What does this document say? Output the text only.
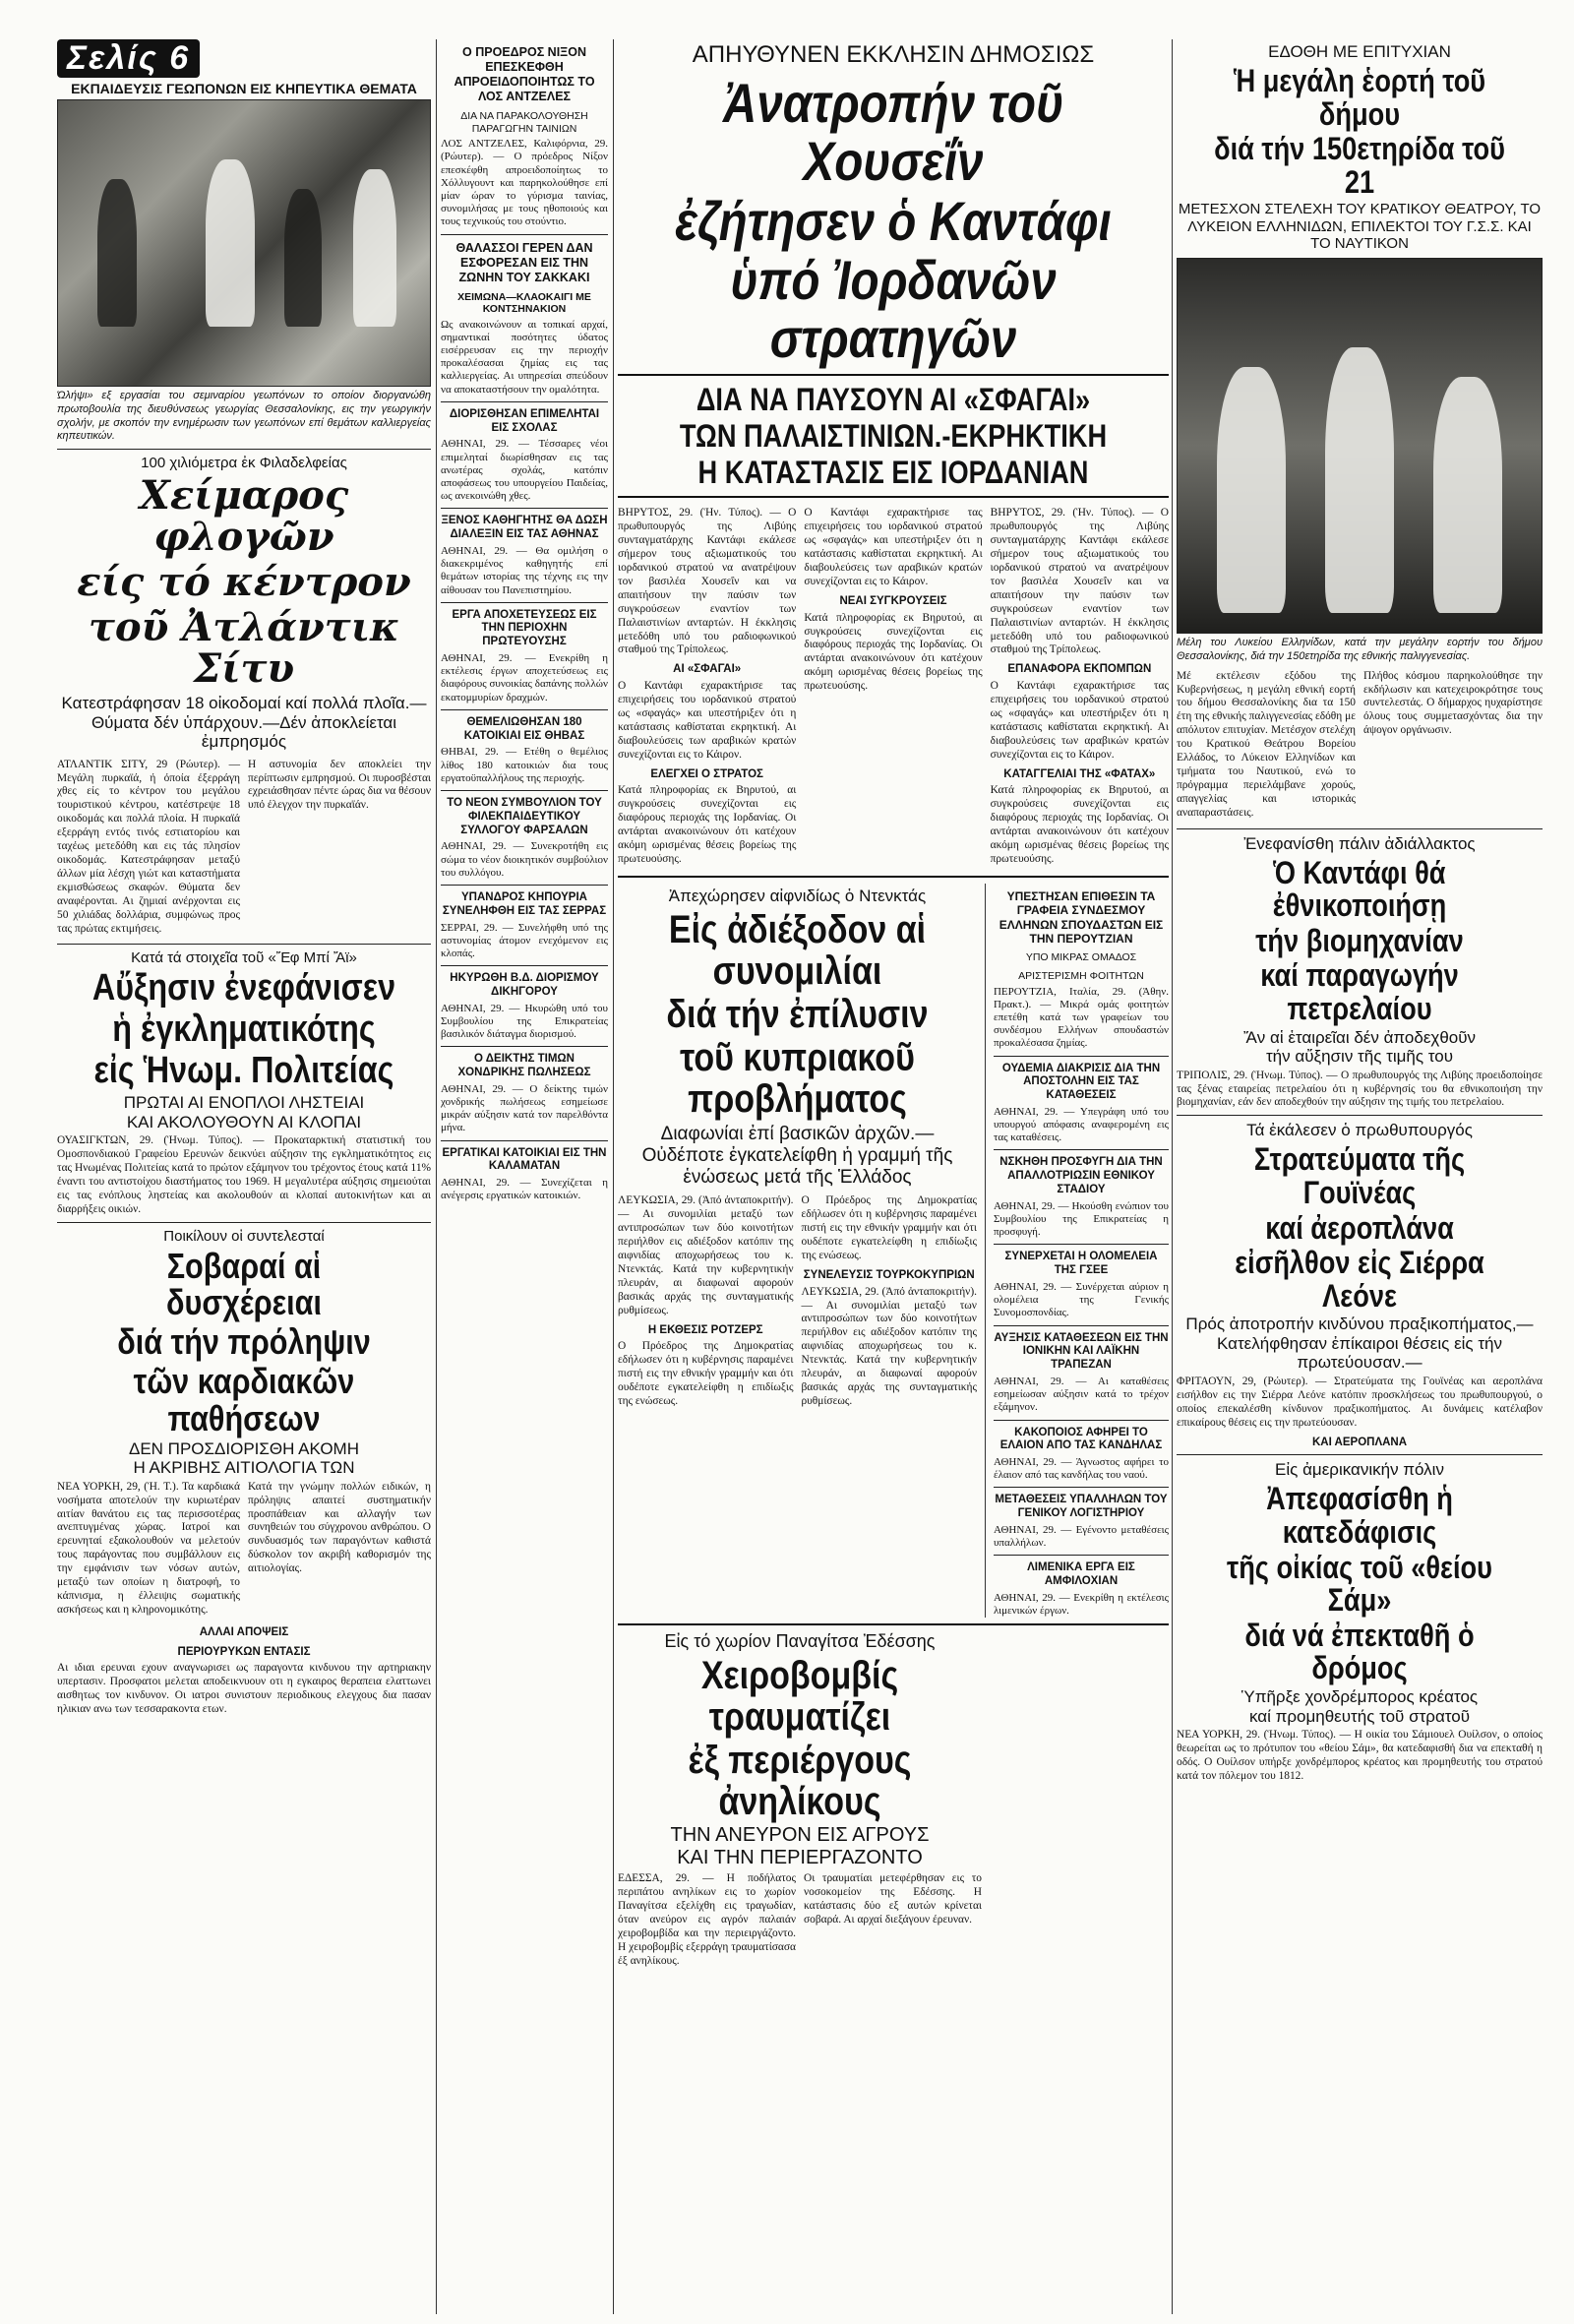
Σελίς 6
ΕΚΠΑΙΔΕΥΣΙΣ ΓΕΩΠΟΝΩΝ ΕΙΣ ΚΗΠΕΥΤΙΚΑ ΘΕΜΑΤΑ
Ώλήψι» εξ εργασίαι του σεμιναρίου γεωπόνων το οποίον διοργανώθη πρωτοβουλία της διευθύνσεως γεωργίας Θεσσαλονίκης, εις την γεωργικήν σχολήν, με σκοπόν την ενημέρωσιν των γεωπόνων επί θεμάτων καλλιεργείας κηπευτικών.
100 χιλιόμετρα ἐκ Φιλαδελφείας
Χείμαρος φλογῶν
είς τό κέντρον
τοῦ Ἀτλάντικ Σίτυ
Κατεστράφησαν 18 οἰκοδομαί καί πολλά πλοῖα.— Θύματα δέν ὑπάρχουν.—Δέν ἀποκλείεται ἐμπρησμός
ΑΤΛΑΝΤΙΚ ΣΙΤΥ, 29 (Ρώυτερ). — Μεγάλη πυρκαϊά, ή όποία έξερράγη χθες είς το κέντρον του μεγάλου τουριστικού κέντρου, κατέστρεψε 18 οικοδομάς και πολλά πλοία. Η πυρκαϊά εξερράγη εντός τινός εστιατορίου και ταχέως μετεδόθη και εις τάς πλησίον οικοδομάς. Κατεστράφησαν μεταξύ άλλων μία λέσχη γιώτ και καταστήματα εκμισθώσεως σκαφών. Θύματα δεν αναφέρονται. Αι ζημιαί ανέρχονται εις 50 χιλιάδας δολλάρια, συμφώνως προς τας πρώτας εκτιμήσεις.
Η αστυνομία δεν αποκλείει την περίπτωσιν εμπρησμού. Οι πυροσβέσται εχρειάσθησαν πέντε ώρας δια να θέσουν υπό έλεγχον την πυρκαϊάν.
Κατά τά στοιχεῖα τοῦ «Ἔφ Μπί Ἄϊ»
Αὔξησιν ἐνεφάνισεν
ἡ ἐγκληματικότης
εἰς Ἡνωμ. Πολιτείας
ΠΡΩΤΑΙ ΑΙ ΕΝΟΠΛΟΙ ΛΗΣΤΕΙΑΙ
ΚΑΙ ΑΚΟΛΟΥΘΟΥΝ ΑΙ ΚΛΟΠΑΙ
ΟΥΑΣΙΓΚΤΩΝ, 29. (Ἡνωμ. Τύπος). — Προκαταρκτική στατιστική του Ομοσπονδιακού Γραφείου Ερευνών δεικνύει αύξησιν της εγκληματικότητος εις τας Ηνωμένας Πολιτείας κατά το πρώτον εξάμηνον του τρέχοντος έτους κατά 11% έναντι του αντιστοίχου διαστήματος του 1969. Η μεγαλυτέρα αύξησις σημειούται εις τας ενόπλους ληστείας και ακολουθούν αι κλοπαί αυτοκινήτων και αι διαρρήξεις οικιών.
Ποικίλουν οἱ συντελεσταί
Σοβαραί αἱ δυσχέρειαι
διά τήν πρόληψιν
τῶν καρδιακῶν παθήσεων
ΔΕΝ ΠΡΟΣΔΙΟΡΙΣΘΗ ΑΚΟΜΗ
Η ΑΚΡΙΒΗΣ ΑΙΤΙΟΛΟΓΙΑ ΤΩΝ
ΝΕΑ ΥΟΡΚΗ, 29, (Ἡ. Τ.). Τα καρδιακά νοσήματα αποτελούν την κυριωτέραν αιτίαν θανάτου εις τας περισσοτέρας ανεπτυγμένας χώρας. Ιατροί και ερευνηταί εξακολουθούν να μελετούν τους παράγοντας που συμβάλλουν εις την εμφάνισιν των νόσων αυτών, μεταξύ των οποίων η διατροφή, το κάπνισμα, η έλλειψις σωματικής ασκήσεως και η κληρονομικότης.
Κατά την γνώμην πολλών ειδικών, η πρόληψις απαιτεί συστηματικήν προσπάθειαν και αλλαγήν των συνηθειών του σύγχρονου ανθρώπου. Ο συνδυασμός των παραγόντων καθιστά δύσκολον τον ακριβή καθορισμόν της αιτιολογίας.
ΑΛΛΑΙ ΑΠΟΨΕΙΣ
ΠΕΡΙΟΥΡΥΚΩΝ ΕΝΤΑΣΙΣ
Αι ιδιαι ερευναι εχουν αναγνωρισει ως παραγοντα κινδυνου την αρτηριακην υπερτασιν. Προσφατοι μελεται αποδεικνυουν οτι η εγκαιρος θεραπεια ελαττωνει αισθητως τον κινδυνον. Οι ιατροι συνιστουν περιοδικους ελεγχους δια πασαν ηλικιαν ανω των τεσσαρακοντα ετων.
Ο ΠΡΟΕΔΡΟΣ ΝΙΞΟΝ ΕΠΕΣΚΕΦΘΗ ΑΠΡΟΕΙΔΟΠΟΙΗΤΩΣ ΤΟ ΛΟΣ ΑΝΤΖΕΛΕΣ
ΔΙΑ ΝΑ ΠΑΡΑΚΟΛΟΥΘΗΣΗ ΠΑΡΑΓΩΓΗΝ ΤΑΙΝΙΩΝ
ΛΟΣ ΑΝΤΖΕΛΕΣ, Καλιφόρνια, 29. (Ρώυτερ). — Ο πρόεδρος Νίξον επεσκέφθη απροειδοποίητως το Χόλλυγουντ και παρηκολούθησε επί μίαν ώραν το γύρισμα ταινίας, συνομιλήσας με τους ηθοποιούς και τους τεχνικούς του στούντιο.
ΘΑΛΑΣΣΟΙ ΓΕΡΕΝ ΔΑΝ ΕΣΦΟΡΕΣΑΝ ΕΙΣ ΤΗΝ ΖΩΝΗΝ ΤΟΥ ΣΑΚΚΑΚΙ
ΧΕΙΜΩΝΑ—ΚΛΑΟΚΑΙΓΙ ΜΕ ΚΟΝΤΣΗΝΑΚΙΟΝ
Ως ανακοινώνουν αι τοπικαί αρχαί, σημαντικαί ποσότητες ύδατος εισέρρευσαν εις την περιοχήν προκαλέσασαι ζημίας εις τας καλλιεργείας. Αι υπηρεσίαι σπεύδουν να αποκαταστήσουν την ομαλότητα.
ΔΙΟΡΙΣΘΗΣΑΝ ΕΠΙΜΕΛΗΤΑΙ ΕΙΣ ΣΧΟΛΑΣ
ΑΘΗΝΑΙ, 29. — Τέσσαρες νέοι επιμεληταί διωρίσθησαν εις τας ανωτέρας σχολάς, κατόπιν αποφάσεως του υπουργείου Παιδείας, ως ανεκοινώθη χθες.
ΞΕΝΟΣ ΚΑΘΗΓΗΤΗΣ ΘΑ ΔΩΣΗ ΔΙΑΛΕΞΙΝ ΕΙΣ ΤΑΣ ΑΘΗΝΑΣ
ΑΘΗΝΑΙ, 29. — Θα ομιλήση ο διακεκριμένος καθηγητής επί θεμάτων ιστορίας της τέχνης εις την αίθουσαν του Πανεπιστημίου.
ΕΡΓΑ ΑΠΟΧΕΤΕΥΣΕΩΣ ΕΙΣ ΤΗΝ ΠΕΡΙΟΧΗΝ ΠΡΩΤΕΥΟΥΣΗΣ
ΑΘΗΝΑΙ, 29. — Ενεκρίθη η εκτέλεσις έργων αποχετεύσεως εις διαφόρους συνοικίας δαπάνης πολλών εκατομμυρίων δραχμών.
ΘΕΜΕΛΙΩΘΗΣΑΝ 180 ΚΑΤΟΙΚΙΑΙ ΕΙΣ ΘΗΒΑΣ
ΘΗΒΑΙ, 29. — Ετέθη ο θεμέλιος λίθος 180 κατοικιών δια τους εργατοϋπαλλήλους της περιοχής.
ΤΟ ΝΕΟΝ ΣΥΜΒΟΥΛΙΟΝ ΤΟΥ ΦΙΛΕΚΠΑΙΔΕΥΤΙΚΟΥ ΣΥΛΛΟΓΟΥ ΦΑΡΣΑΛΩΝ
ΑΘΗΝΑΙ, 29. — Συνεκροτήθη εις σώμα το νέον διοικητικόν συμβούλιον του συλλόγου.
ΥΠΑΝΔΡΟΣ ΚΗΠΟΥΡΙΑ ΣΥΝΕΛΗΦΘΗ ΕΙΣ ΤΑΣ ΣΕΡΡΑΣ
ΣΕΡΡΑΙ, 29. — Συνελήφθη υπό της αστυνομίας άτομον ενεχόμενον εις κλοπάς.
ΗΚΥΡΩΘΗ Β.Δ. ΔΙΟΡΙΣΜΟΥ ΔΙΚΗΓΟΡΟΥ
ΑΘΗΝΑΙ, 29. — Ηκυρώθη υπό του Συμβουλίου της Επικρατείας βασιλικόν διάταγμα διορισμού.
Ο ΔΕΙΚΤΗΣ ΤΙΜΩΝ ΧΟΝΔΡΙΚΗΣ ΠΩΛΗΣΕΩΣ
ΑΘΗΝΑΙ, 29. — Ο δείκτης τιμών χονδρικής πωλήσεως εσημείωσε μικράν αύξησιν κατά τον παρελθόντα μήνα.
ΕΡΓΑΤΙΚΑΙ ΚΑΤΟΙΚΙΑΙ ΕΙΣ ΤΗΝ ΚΑΛΑΜΑΤΑΝ
ΑΘΗΝΑΙ, 29. — Συνεχίζεται η ανέγερσις εργατικών κατοικιών.
ΑΠΗΥΘΥΝΕΝ ΕΚΚΛΗΣΙΝ ΔΗΜΟΣΙΩΣ
Ἀνατροπήν τοῦ Χουσεΐν
ἐζήτησεν ὁ Καντάφι
ὑπό Ἰορδανῶν στρατηγῶν
ΔΙΑ ΝΑ ΠΑΥΣΟΥΝ ΑΙ «ΣΦΑΓΑΙ»
ΤΩΝ ΠΑΛΑΙΣΤΙΝΙΩΝ.-ΕΚΡΗΚΤΙΚΗ
Η ΚΑΤΑΣΤΑΣΙΣ ΕΙΣ ΙΟΡΔΑΝΙΑΝ
ΒΗΡΥΤΟΣ, 29. (Ἡν. Τύπος). — Ο πρωθυπουργός της Λιβύης συνταγματάρχης Καντάφι εκάλεσε σήμερον τους αξιωματικούς του ιορδανικού στρατού να ανατρέψουν τον βασιλέα Χουσεΐν και να απαιτήσουν την παύσιν των συγκρούσεων εναντίον των Παλαιστινίων ανταρτών. Η έκκλησις μετεδόθη υπό του ραδιοφωνικού σταθμού της Τρίπολεως.
ΑΙ «ΣΦΑΓΑΙ»
Ο Καντάφι εχαρακτήρισε τας επιχειρήσεις του ιορδανικού στρατού ως «σφαγάς» και υπεστήριξεν ότι η κατάστασις καθίσταται εκρηκτική. Αι διαβουλεύσεις των αραβικών κρατών συνεχίζονται εις το Κάιρον.
ΕΛΕΓΧΕΙ Ο ΣΤΡΑΤΟΣ
Κατά πληροφορίας εκ Βηρυτού, αι συγκρούσεις συνεχίζονται εις διαφόρους περιοχάς της Ιορδανίας. Οι αντάρται ανακοινώνουν ότι κατέχουν ακόμη ωρισμένας θέσεις βορείως της πρωτευούσης.
Ο Καντάφι εχαρακτήρισε τας επιχειρήσεις του ιορδανικού στρατού ως «σφαγάς» και υπεστήριξεν ότι η κατάστασις καθίσταται εκρηκτική. Αι διαβουλεύσεις των αραβικών κρατών συνεχίζονται εις το Κάιρον.
ΝΕΑΙ ΣΥΓΚΡΟΥΣΕΙΣ
Κατά πληροφορίας εκ Βηρυτού, αι συγκρούσεις συνεχίζονται εις διαφόρους περιοχάς της Ιορδανίας. Οι αντάρται ανακοινώνουν ότι κατέχουν ακόμη ωρισμένας θέσεις βορείως της πρωτευούσης.
ΒΗΡΥΤΟΣ, 29. (Ἡν. Τύπος). — Ο πρωθυπουργός της Λιβύης συνταγματάρχης Καντάφι εκάλεσε σήμερον τους αξιωματικούς του ιορδανικού στρατού να ανατρέψουν τον βασιλέα Χουσεΐν και να απαιτήσουν την παύσιν των συγκρούσεων εναντίον των Παλαιστινίων ανταρτών. Η έκκλησις μετεδόθη υπό του ραδιοφωνικού σταθμού της Τρίπολεως.
ΕΠΑΝΑΦΟΡΑ ΕΚΠΟΜΠΩΝ
Ο Καντάφι εχαρακτήρισε τας επιχειρήσεις του ιορδανικού στρατού ως «σφαγάς» και υπεστήριξεν ότι η κατάστασις καθίσταται εκρηκτική. Αι διαβουλεύσεις των αραβικών κρατών συνεχίζονται εις το Κάιρον.
ΚΑΤΑΓΓΕΛΙΑΙ ΤΗΣ «ΦΑΤΑΧ»
Κατά πληροφορίας εκ Βηρυτού, αι συγκρούσεις συνεχίζονται εις διαφόρους περιοχάς της Ιορδανίας. Οι αντάρται ανακοινώνουν ότι κατέχουν ακόμη ωρισμένας θέσεις βορείως της πρωτευούσης.
Ἀπεχώρησεν αἰφνιδίως ὁ Ντενκτάς
Εἰς ἀδιέξοδον αἱ συνομιλίαι
διά τήν ἐπίλυσιν
τοῦ κυπριακοῦ προβλήματος
Διαφωνίαι ἐπί βασικῶν ἀρχῶν.— Οὐδέποτε ἐγκατελείφθη ἡ γραμμή τῆς ἑνώσεως μετά τῆς Ἑλλάδος
ΛΕΥΚΩΣΙΑ, 29. (Ἀπό ἀνταποκριτήν). — Αι συνομιλίαι μεταξύ των αντιπροσώπων των δύο κοινοτήτων περιήλθον εις αδιέξοδον κατόπιν της αιφνιδίας αποχωρήσεως του κ. Ντενκτάς. Κατά την κυβερνητικήν πλευράν, αι διαφωναί αφορούν βασικάς αρχάς της συνταγματικής ρυθμίσεως.
Η ΕΚΘΕΣΙΣ ΡΟΤΖΕΡΣ
Ο Πρόεδρος της Δημοκρατίας εδήλωσεν ότι η κυβέρνησις παραμένει πιστή εις την εθνικήν γραμμήν και ότι ουδέποτε εγκατελείφθη η επιδίωξις της ενώσεως.
Ο Πρόεδρος της Δημοκρατίας εδήλωσεν ότι η κυβέρνησις παραμένει πιστή εις την εθνικήν γραμμήν και ότι ουδέποτε εγκατελείφθη η επιδίωξις της ενώσεως.
ΣΥΝΕΛΕΥΣΙΣ ΤΟΥΡΚΟΚΥΠΡΙΩΝ
ΛΕΥΚΩΣΙΑ, 29. (Ἀπό ἀνταποκριτήν). — Αι συνομιλίαι μεταξύ των αντιπροσώπων των δύο κοινοτήτων περιήλθον εις αδιέξοδον κατόπιν της αιφνιδίας αποχωρήσεως του κ. Ντενκτάς. Κατά την κυβερνητικήν πλευράν, αι διαφωναί αφορούν βασικάς αρχάς της συνταγματικής ρυθμίσεως.
ΥΠΕΣΤΗΣΑΝ ΕΠΙΘΕΣΙΝ ΤΑ ΓΡΑΦΕΙΑ ΣΥΝΔΕΣΜΟΥ ΕΛΛΗΝΩΝ ΣΠΟΥΔΑΣΤΩΝ ΕΙΣ ΤΗΝ ΠΕΡΟΥΤΖΙΑΝ
ΥΠΟ ΜΙΚΡΑΣ ΟΜΑΔΟΣ
ΑΡΙΣΤΕΡΙΣΜΗ ΦΟΙΤΗΤΩΝ
ΠΕΡΟΥΤΖΙΑ, Ιταλία, 29. (Ἀθην. Πρακτ.). — Μικρά ομάς φοιτητών επετέθη κατά των γραφείων του συνδέσμου Ελλήνων σπουδαστών προκαλέσασα ζημίας.
ΟΥΔΕΜΙΑ ΔΙΑΚΡΙΣΙΣ ΔΙΑ ΤΗΝ ΑΠΟΣΤΟΛΗΝ ΕΙΣ ΤΑΣ ΚΑΤΑΘΕΣΕΙΣ
ΑΘΗΝΑΙ, 29. — Υπεγράφη υπό του υπουργού απόφασις αναφερομένη εις τας καταθέσεις.
ΝΣΚΗΘΗ ΠΡΟΣΦΥΓΗ ΔΙΑ ΤΗΝ ΑΠΑΛΛΟΤΡΙΩΣΙΝ ΕΘΝΙΚΟΥ ΣΤΑΔΙΟΥ
ΑΘΗΝΑΙ, 29. — Ηκούσθη ενώπιον του Συμβουλίου της Επικρατείας η προσφυγή.
ΣΥΝΕΡΧΕΤΑΙ Η ΟΛΟΜΕΛΕΙΑ ΤΗΣ ΓΣΕΕ
ΑΘΗΝΑΙ, 29. — Συνέρχεται αύριον η ολομέλεια της Γενικής Συνομοσπονδίας.
ΑΥΞΗΣΙΣ ΚΑΤΑΘΕΣΕΩΝ ΕΙΣ ΤΗΝ ΙΟΝΙΚΗΝ ΚΑΙ ΛΑΪΚΗΝ ΤΡΑΠΕΖΑΝ
ΑΘΗΝΑΙ, 29. — Αι καταθέσεις εσημείωσαν αύξησιν κατά το τρέχον εξάμηνον.
ΚΑΚΟΠΟΙΟΣ ΑΦΗΡΕΙ ΤΟ ΕΛΑΙΟΝ ΑΠΟ ΤΑΣ ΚΑΝΔΗΛΑΣ
ΑΘΗΝΑΙ, 29. — Άγνωστος αφήρει το έλαιον από τας κανδήλας του ναού.
ΜΕΤΑΘΕΣΕΙΣ ΥΠΑΛΛΗΛΩΝ ΤΟΥ ΓΕΝΙΚΟΥ ΛΟΓΙΣΤΗΡΙΟΥ
ΑΘΗΝΑΙ, 29. — Εγένοντο μεταθέσεις υπαλλήλων.
ΛΙΜΕΝΙΚΑ ΕΡΓΑ ΕΙΣ ΑΜΦΙΛΟΧΙΑΝ
ΑΘΗΝΑΙ, 29. — Ενεκρίθη η εκτέλεσις λιμενικών έργων.
Εἰς τό χωρίον Παναγίτσα Ἐδέσσης
Χειροβομβίς τραυματίζει
ἐξ περιέργους ἀνηλίκους
ΤΗΝ ΑΝΕΥΡΟΝ ΕΙΣ ΑΓΡΟΥΣ
ΚΑΙ ΤΗΝ ΠΕΡΙΕΡΓΑΖΟΝΤΟ
ΕΔΕΣΣΑ, 29. — Η ποδήλατος περιπάτου ανηλίκων εις το χωρίον Παναγίτσα εξελίχθη εις τραγωδίαν, όταν ανεύρον εις αγρόν παλαιάν χειροβομβίδα και την περιειργάζοντο. Η χειροβομβίς εξερράγη τραυματίσασα έξ ανηλίκους.
Οι τραυματίαι μετεφέρθησαν εις το νοσοκομείον της Εδέσσης. Η κατάστασις δύο εξ αυτών κρίνεται σοβαρά. Αι αρχαί διεξάγουν έρευναν.
ΕΔΟΘΗ ΜΕ ΕΠΙΤΥΧΙΑΝ
Ἡ μεγάλη ἑορτή τοῦ δήμου
διά τήν 150ετηρίδα τοῦ 21
ΜΕΤΕΣΧΟΝ ΣΤΕΛΕΧΗ ΤΟΥ ΚΡΑΤΙΚΟΥ ΘΕΑΤΡΟΥ, ΤΟ ΛΥΚΕΙΟΝ ΕΛΛΗΝΙΔΩΝ, ΕΠΙΛΕΚΤΟΙ ΤΟΥ Γ.Σ.Σ. ΚΑΙ ΤΟ ΝΑΥΤΙΚΟΝ
Μέλη του Λυκείου Ελληνίδων, κατά την μεγάλην εορτήν του δήμου Θεσσαλονίκης, διά την 150ετηρίδα της εθνικής παλιγγενεσίας.
Μέ εκτέλεσιν εξόδου της Κυβερνήσεως, η μεγάλη εθνική εορτή του δήμου Θεσσαλονίκης δια τα 150 έτη της εθνικής παλιγγενεσίας εδόθη με απόλυτον επιτυχίαν. Μετέσχον στελέχη του Κρατικού Θεάτρου Βορείου Ελλάδος, το Λύκειον Ελληνίδων και τμήματα του Ναυτικού, ενώ το πρόγραμμα περιελάμβανε χορούς, απαγγελίας και ιστορικάς αναπαραστάσεις.
Πλήθος κόσμου παρηκολούθησε την εκδήλωσιν και κατεχειροκρότησε τους συντελεστάς. Ο δήμαρχος ηυχαρίστησε όλους τους συμμετασχόντας δια την άψογον οργάνωσιν.
Ἐνεφανίσθη πάλιν ἀδιάλλακτος
Ὁ Καντάφι θά ἐθνικοποιήσῃ
τήν βιομηχανίαν
καί παραγωγήν πετρελαίου
Ἄν αἱ ἑταιρεῖαι δέν ἀποδεχθοῦν
τήν αὔξησιν τῆς τιμῆς του
ΤΡΙΠΟΛΙΣ, 29. (Ἡνωμ. Τύπος). — Ο πρωθυπουργός της Λιβύης προειδοποίησε τας ξένας εταιρείας πετρελαίου ότι η κυβέρνησίς του θα εθνικοποιήση την βιομηχανίαν, εάν δεν αποδεχθούν την αύξησιν της τιμής του πετρελαίου.
Τά ἐκάλεσεν ὁ πρωθυπουργός
Στρατεύματα τῆς Γουϊνέας
καί ἀεροπλάνα
εἰσῆλθον εἰς Σιέρρα Λεόνε
Πρός ἀποτροπήν κινδύνου πραξικοπήματος,—Κατελήφθησαν ἐπίκαιροι θέσεις εἰς τήν πρωτεύουσαν.—
ΦΡΙΤΑΟΥΝ, 29, (Ρώυτερ). — Στρατεύματα της Γουϊνέας και αεροπλάνα εισήλθον εις την Σιέρρα Λεόνε κατόπιν προσκλήσεως του πρωθυπουργού, ο οποίος επεκαλέσθη κίνδυνον πραξικοπήματος. Αι δυνάμεις κατέλαβον επικαίρους θέσεις εις την πρωτεύουσαν.
ΚΑΙ ΑΕΡΟΠΛΑΝΑ
Εἰς ἀμερικανικήν πόλιν
Ἀπεφασίσθη ἡ κατεδάφισις
τῆς οἰκίας τοῦ «θείου Σάμ»
διά νά ἐπεκταθῆ ὁ δρόμος
Ὑπῆρξε χονδρέμπορος κρέατος
καί προμηθευτής τοῦ στρατοῦ
ΝΕΑ ΥΟΡΚΗ, 29. (Ἡνωμ. Τύπος). — Η οικία του Σάμιουελ Ουίλσον, ο οποίος θεωρείται ως το πρότυπον του «θείου Σάμ», θα κατεδαφισθή δια να επεκταθή η οδός. Ο Ουίλσον υπήρξε χονδρέμπορος κρέατος και προμηθευτής του στρατού κατά τον πόλεμον του 1812.
